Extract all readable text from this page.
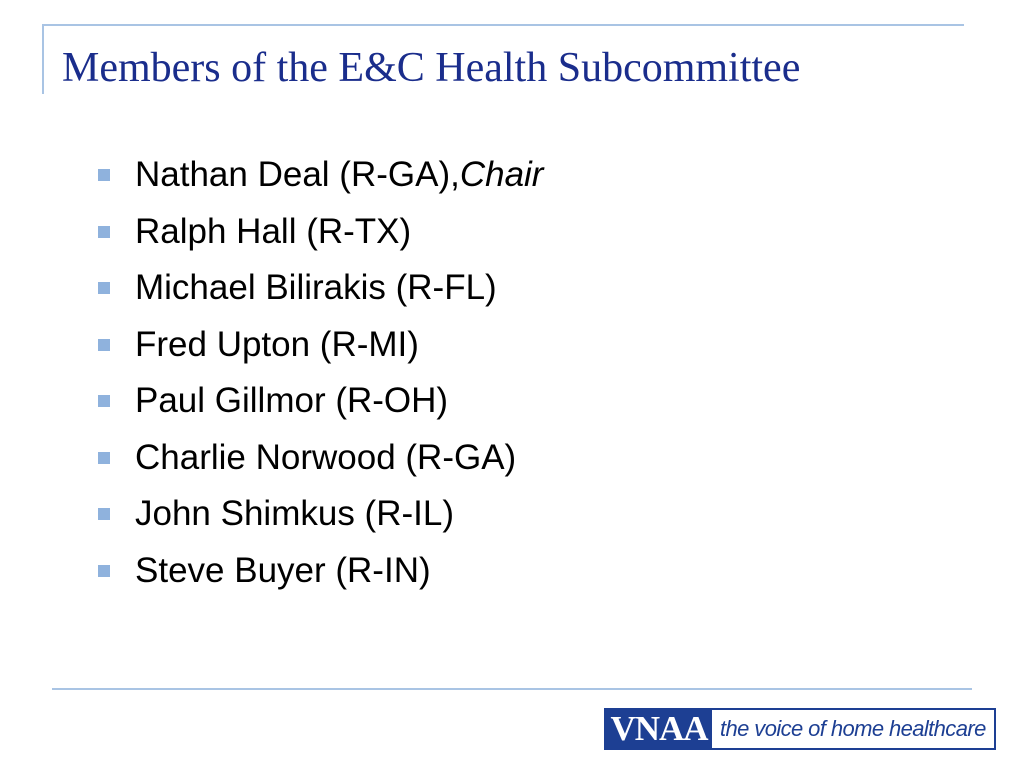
Members of the E&C Health Subcommittee
Nathan Deal (R-GA), Chair
Ralph Hall (R-TX)
Michael Bilirakis (R-FL)
Fred Upton (R-MI)
Paul Gillmor (R-OH)
Charlie Norwood (R-GA)
John Shimkus (R-IL)
Steve Buyer (R-IN)
VNAA the voice of home healthcare
